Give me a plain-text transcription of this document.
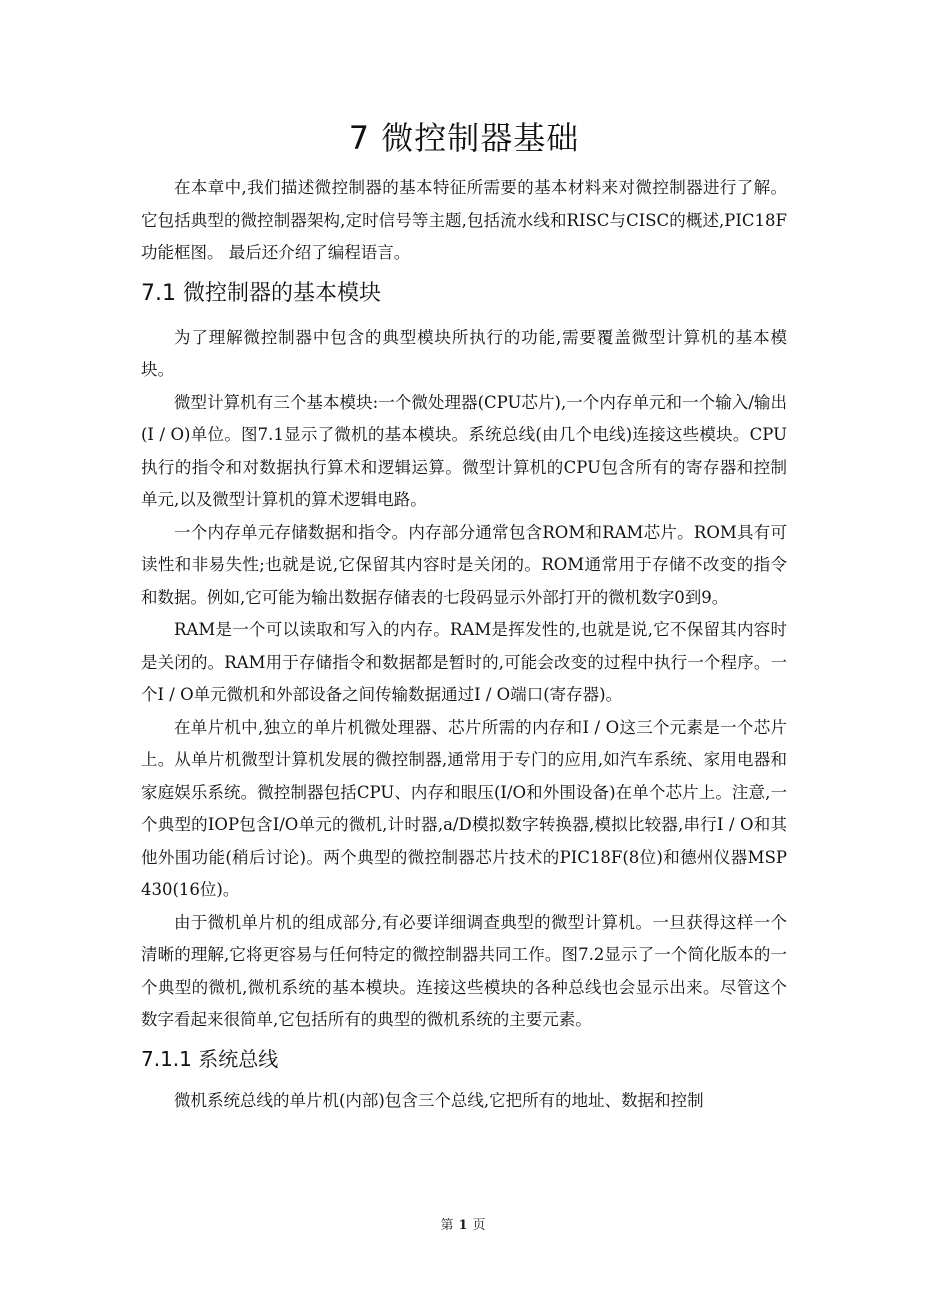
7 微控制器基础

在本章中,我们描述微控制器的基本特征所需要的基本材料来对微控制器进行了解。它包括典型的微控制器架构,定时信号等主题,包括流水线和RISC与CISC的概述,PIC18F功能框图。 最后还介绍了编程语言。

7.1 微控制器的基本模块

为了理解微控制器中包含的典型模块所执行的功能,需要覆盖微型计算机的基本模块。

微型计算机有三个基本模块:一个微处理器(CPU芯片),一个内存单元和一个输入/输出(I / O)单位。图7.1显示了微机的基本模块。系统总线(由几个电线)连接这些模块。CPU执行的指令和对数据执行算术和逻辑运算。微型计算机的CPU包含所有的寄存器和控制单元,以及微型计算机的算术逻辑电路。

一个内存单元存储数据和指令。内存部分通常包含ROM和RAM芯片。ROM具有可读性和非易失性;也就是说,它保留其内容时是关闭的。ROM通常用于存储不改变的指令和数据。例如,它可能为输出数据存储表的七段码显示外部打开的微机数字0到9。

RAM是一个可以读取和写入的内存。RAM是挥发性的,也就是说,它不保留其内容时是关闭的。RAM用于存储指令和数据都是暂时的,可能会改变的过程中执行一个程序。一个I / O单元微机和外部设备之间传输数据通过I / O端口(寄存器)。

在单片机中,独立的单片机微处理器、芯片所需的内存和I / O这三个元素是一个芯片上。从单片机微型计算机发展的微控制器,通常用于专门的应用,如汽车系统、家用电器和家庭娱乐系统。微控制器包括CPU、内存和眼压(I/O和外围设备)在单个芯片上。注意,一个典型的IOP包含I/O单元的微机,计时器,a/D模拟数字转换器,模拟比较器,串行I / O和其他外围功能(稍后讨论)。两个典型的微控制器芯片技术的PIC18F(8位)和德州仪器MSP 430(16位)。

由于微机单片机的组成部分,有必要详细调查典型的微型计算机。一旦获得这样一个清晰的理解,它将更容易与任何特定的微控制器共同工作。图7.2显示了一个简化版本的一个典型的微机,微机系统的基本模块。连接这些模块的各种总线也会显示出来。尽管这个数字看起来很简单,它包括所有的典型的微机系统的主要元素。

7.1.1 系统总线

微机系统总线的单片机(内部)包含三个总线,它把所有的地址、数据和控制

第 1 页
